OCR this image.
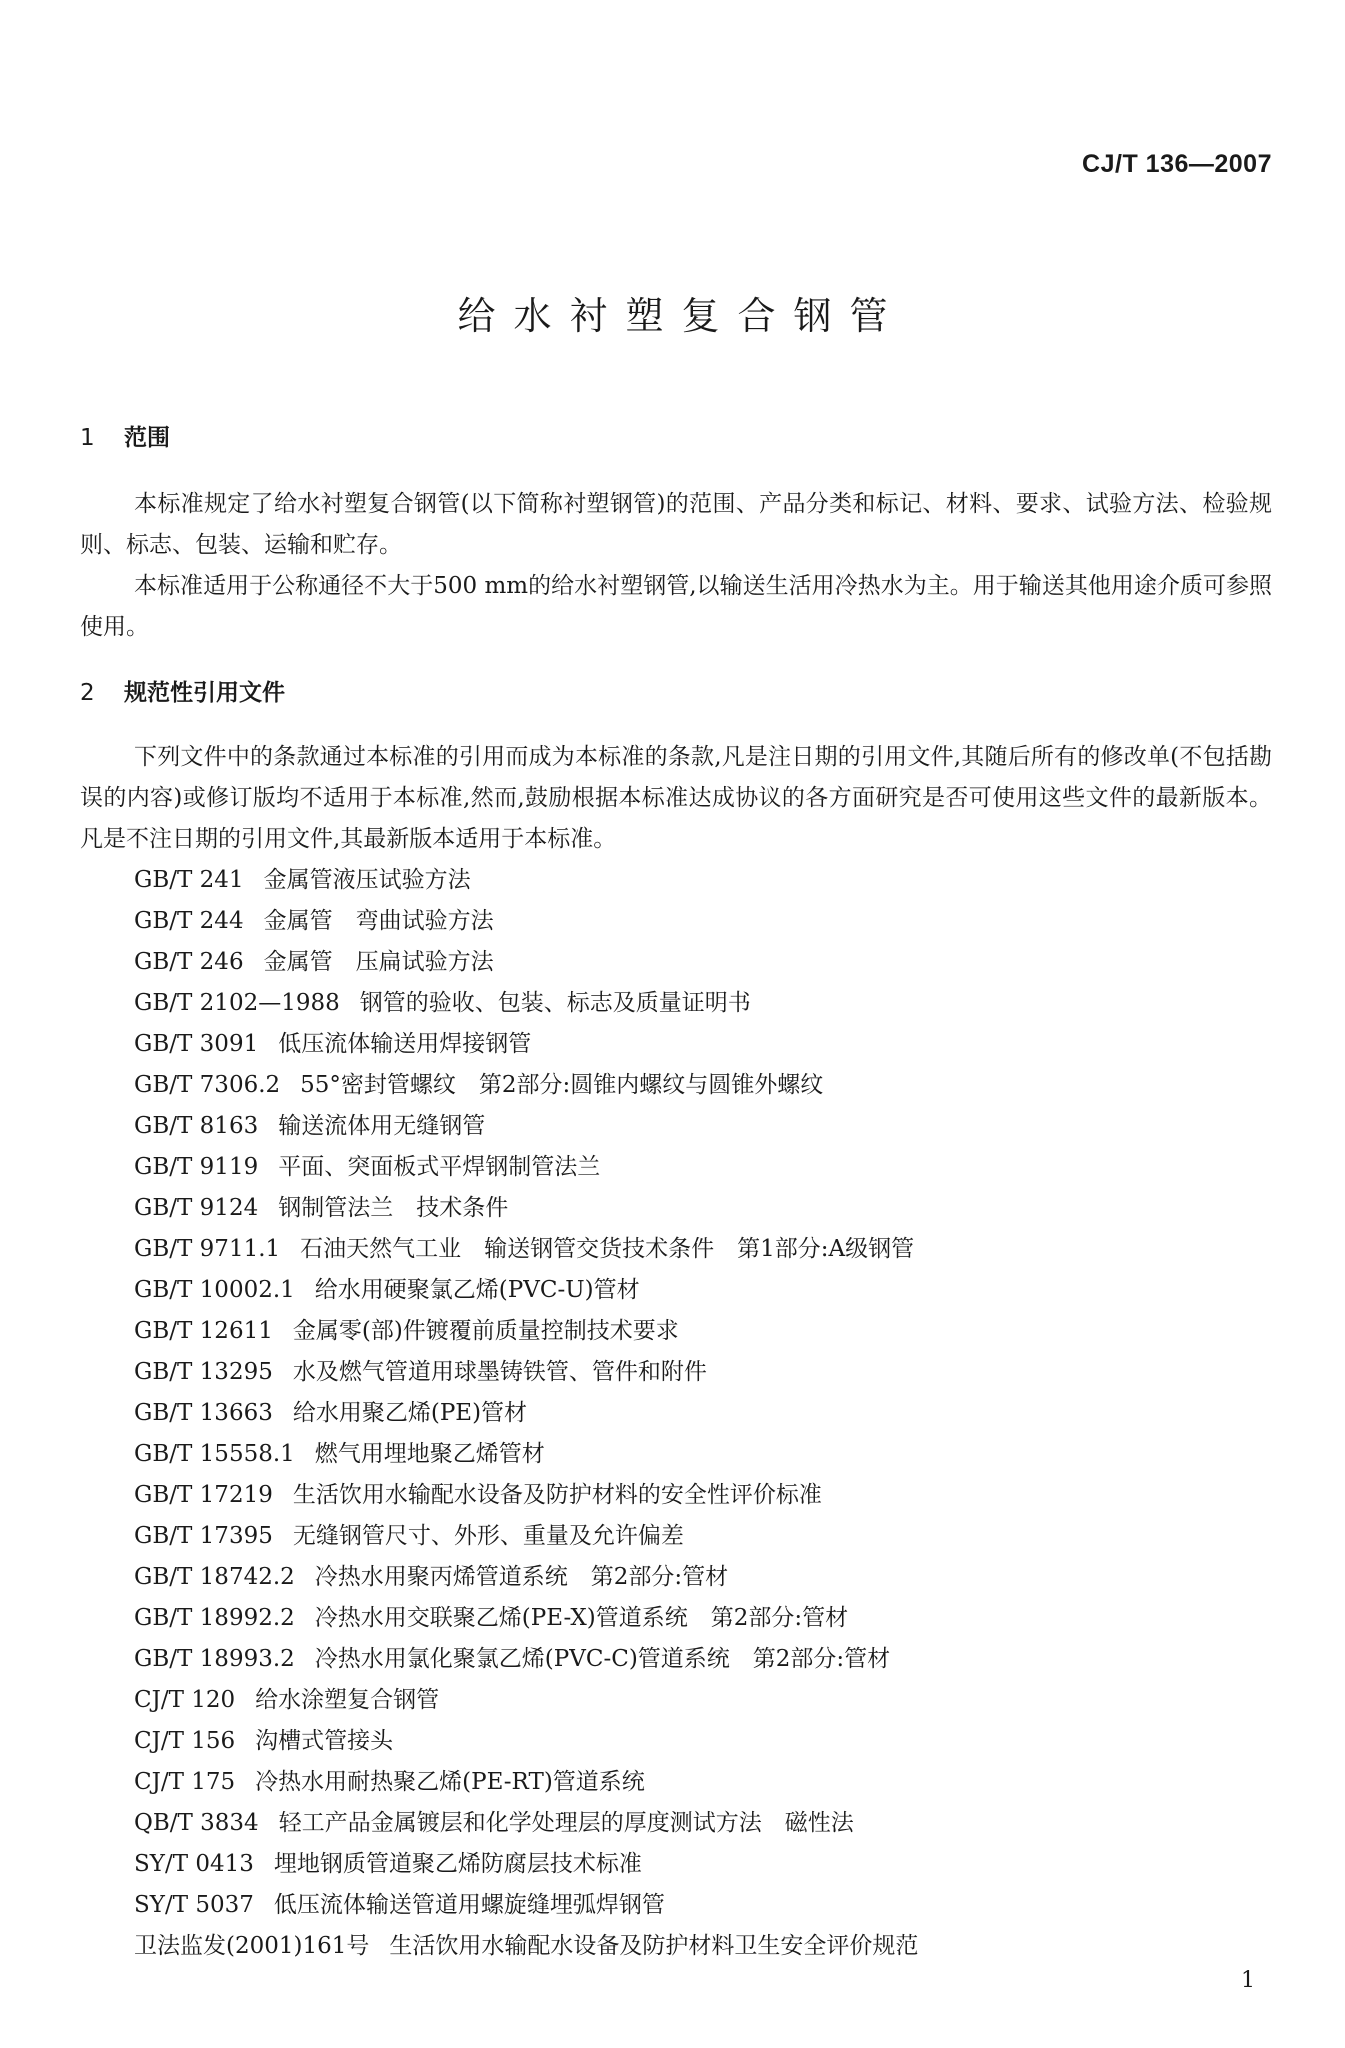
CJ/T 136—2007
给水衬塑复合钢管
1 范围

本标准规定了给水衬塑复合钢管(以下简称衬塑钢管)的范围、产品分类和标记、材料、要求、试验方法、检验规则、标志、包装、运输和贮存。

本标准适用于公称通径不大于500 mm的给水衬塑钢管,以输送生活用冷热水为主。用于输送其他用途介质可参照使用。

2 规范性引用文件

下列文件中的条款通过本标准的引用而成为本标准的条款,凡是注日期的引用文件,其随后所有的修改单(不包括勘误的内容)或修订版均不适用于本标准,然而,鼓励根据本标准达成协议的各方面研究是否可使用这些文件的最新版本。凡是不注日期的引用文件,其最新版本适用于本标准。

GB/T 241 金属管液压试验方法
GB/T 244 金属管　弯曲试验方法
GB/T 246 金属管　压扁试验方法
GB/T 2102—1988 钢管的验收、包装、标志及质量证明书
GB/T 3091 低压流体输送用焊接钢管
GB/T 7306.2 55°密封管螺纹　第2部分:圆锥内螺纹与圆锥外螺纹
GB/T 8163 输送流体用无缝钢管
GB/T 9119 平面、突面板式平焊钢制管法兰
GB/T 9124 钢制管法兰　技术条件
GB/T 9711.1 石油天然气工业　输送钢管交货技术条件　第1部分:A级钢管
GB/T 10002.1 给水用硬聚氯乙烯(PVC-U)管材
GB/T 12611 金属零(部)件镀覆前质量控制技术要求
GB/T 13295 水及燃气管道用球墨铸铁管、管件和附件
GB/T 13663 给水用聚乙烯(PE)管材
GB/T 15558.1 燃气用埋地聚乙烯管材
GB/T 17219 生活饮用水输配水设备及防护材料的安全性评价标准
GB/T 17395 无缝钢管尺寸、外形、重量及允许偏差
GB/T 18742.2 冷热水用聚丙烯管道系统　第2部分:管材
GB/T 18992.2 冷热水用交联聚乙烯(PE-X)管道系统　第2部分:管材
GB/T 18993.2 冷热水用氯化聚氯乙烯(PVC-C)管道系统　第2部分:管材
CJ/T 120 给水涂塑复合钢管
CJ/T 156 沟槽式管接头
CJ/T 175 冷热水用耐热聚乙烯(PE-RT)管道系统
QB/T 3834 轻工产品金属镀层和化学处理层的厚度测试方法　磁性法
SY/T 0413 埋地钢质管道聚乙烯防腐层技术标准
SY/T 5037 低压流体输送管道用螺旋缝埋弧焊钢管
卫法监发(2001)161号 生活饮用水输配水设备及防护材料卫生安全评价规范
1
